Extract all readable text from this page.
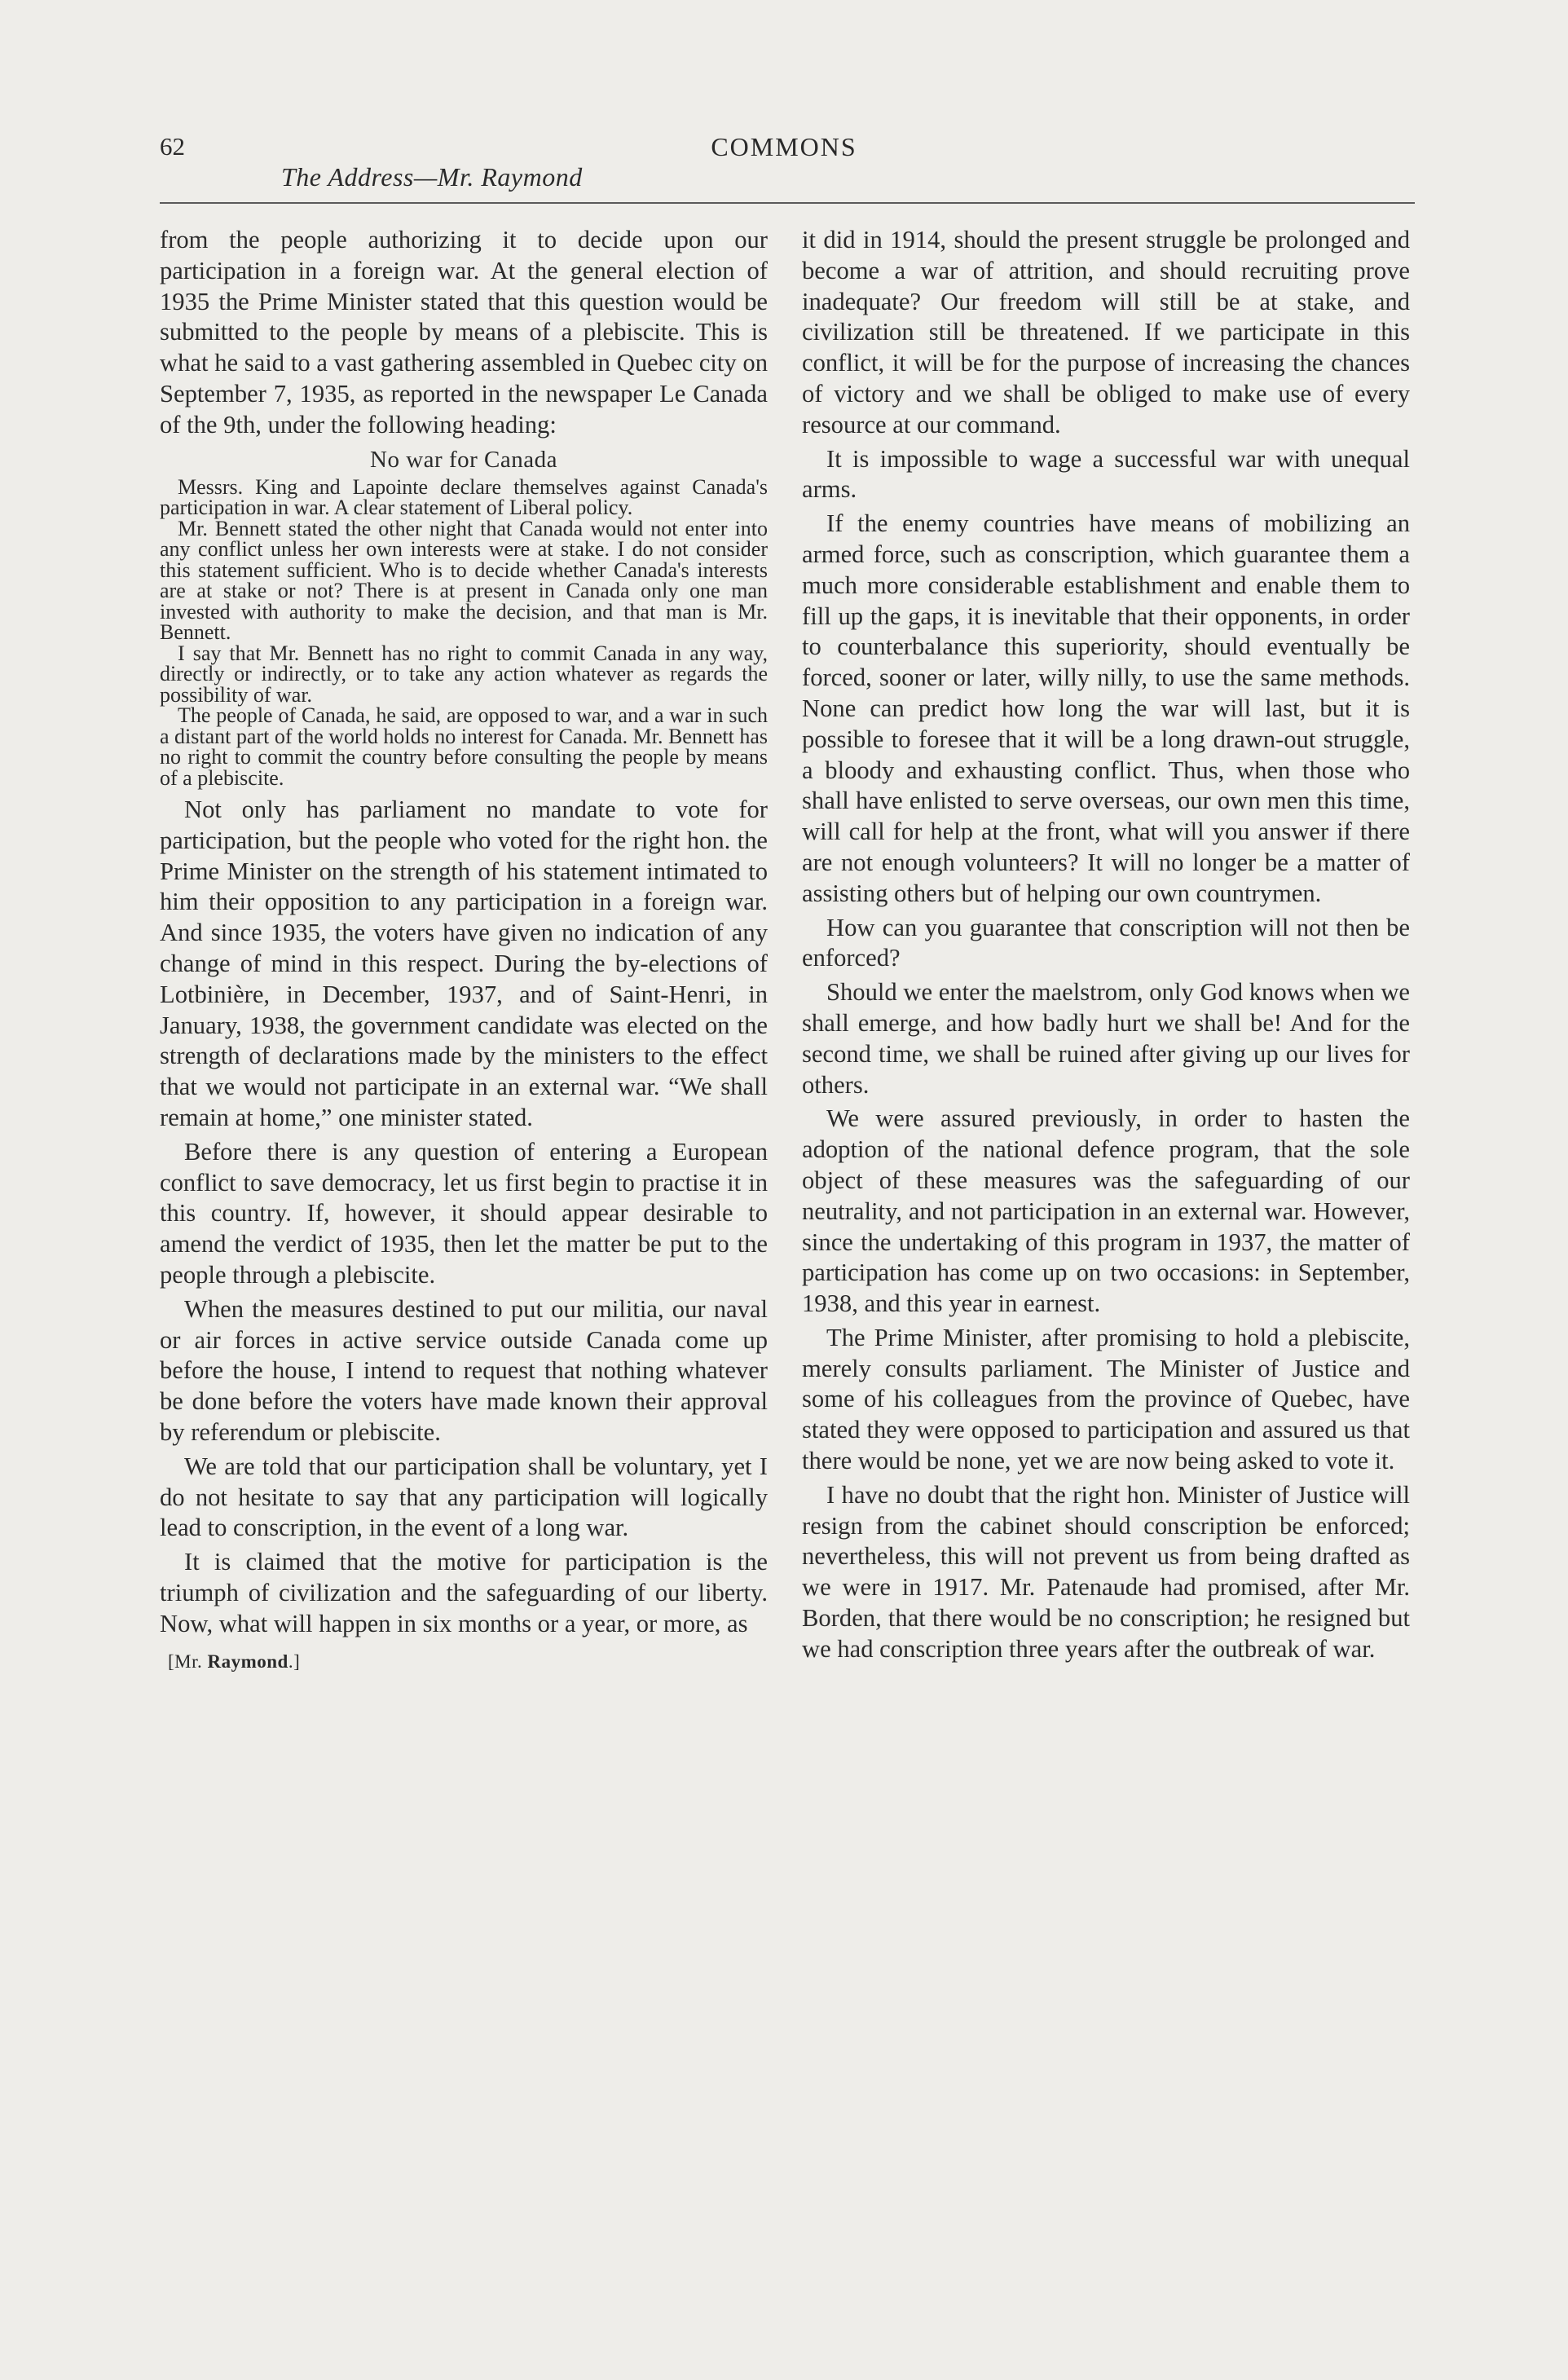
62	COMMONS
The Address—Mr. Raymond

from the people authorizing it to decide upon our participation in a foreign war. At the general election of 1935 the Prime Minister stated that this question would be submitted to the people by means of a plebiscite. This is what he said to a vast gathering assembled in Quebec city on September 7, 1935, as reported in the newspaper Le Canada of the 9th, under the following heading:

No war for Canada

Messrs. King and Lapointe declare themselves against Canada's participation in war. A clear statement of Liberal policy.

Mr. Bennett stated the other night that Canada would not enter into any conflict unless her own interests were at stake. I do not consider this statement sufficient. Who is to decide whether Canada's interests are at stake or not? There is at present in Canada only one man invested with authority to make the decision, and that man is Mr. Bennett.

I say that Mr. Bennett has no right to commit Canada in any way, directly or indirectly, or to take any action whatever as regards the possibility of war.

The people of Canada, he said, are opposed to war, and a war in such a distant part of the world holds no interest for Canada. Mr. Bennett has no right to commit the country before consulting the people by means of a plebiscite.

Not only has parliament no mandate to vote for participation, but the people who voted for the right hon. the Prime Minister on the strength of his statement intimated to him their opposition to any participation in a foreign war. And since 1935, the voters have given no indication of any change of mind in this respect. During the by-elections of Lotbinière, in December, 1937, and of Saint-Henri, in January, 1938, the government candidate was elected on the strength of declarations made by the ministers to the effect that we would not participate in an external war. “We shall remain at home,” one minister stated.

Before there is any question of entering a European conflict to save democracy, let us first begin to practise it in this country. If, however, it should appear desirable to amend the verdict of 1935, then let the matter be put to the people through a plebiscite.

When the measures destined to put our militia, our naval or air forces in active service outside Canada come up before the house, I intend to request that nothing whatever be done before the voters have made known their approval by referendum or plebiscite.

We are told that our participation shall be voluntary, yet I do not hesitate to say that any participation will logically lead to conscription, in the event of a long war.

It is claimed that the motive for participation is the triumph of civilization and the safeguarding of our liberty. Now, what will happen in six months or a year, or more, as

[Mr. Raymond.]

it did in 1914, should the present struggle be prolonged and become a war of attrition, and should recruiting prove inadequate? Our freedom will still be at stake, and civilization still be threatened. If we participate in this conflict, it will be for the purpose of increasing the chances of victory and we shall be obliged to make use of every resource at our command.

It is impossible to wage a successful war with unequal arms.

If the enemy countries have means of mobilizing an armed force, such as conscription, which guarantee them a much more considerable establishment and enable them to fill up the gaps, it is inevitable that their opponents, in order to counterbalance this superiority, should eventually be forced, sooner or later, willy nilly, to use the same methods. None can predict how long the war will last, but it is possible to foresee that it will be a long drawn-out struggle, a bloody and exhausting conflict. Thus, when those who shall have enlisted to serve overseas, our own men this time, will call for help at the front, what will you answer if there are not enough volunteers? It will no longer be a matter of assisting others but of helping our own countrymen.

How can you guarantee that conscription will not then be enforced?

Should we enter the maelstrom, only God knows when we shall emerge, and how badly hurt we shall be! And for the second time, we shall be ruined after giving up our lives for others.

We were assured previously, in order to hasten the adoption of the national defence program, that the sole object of these measures was the safeguarding of our neutrality, and not participation in an external war. However, since the undertaking of this program in 1937, the matter of participation has come up on two occasions: in September, 1938, and this year in earnest.

The Prime Minister, after promising to hold a plebiscite, merely consults parliament. The Minister of Justice and some of his colleagues from the province of Quebec, have stated they were opposed to participation and assured us that there would be none, yet we are now being asked to vote it.

I have no doubt that the right hon. Minister of Justice will resign from the cabinet should conscription be enforced; nevertheless, this will not prevent us from being drafted as we were in 1917. Mr. Patenaude had promised, after Mr. Borden, that there would be no conscription; he resigned but we had conscription three years after the outbreak of war.
